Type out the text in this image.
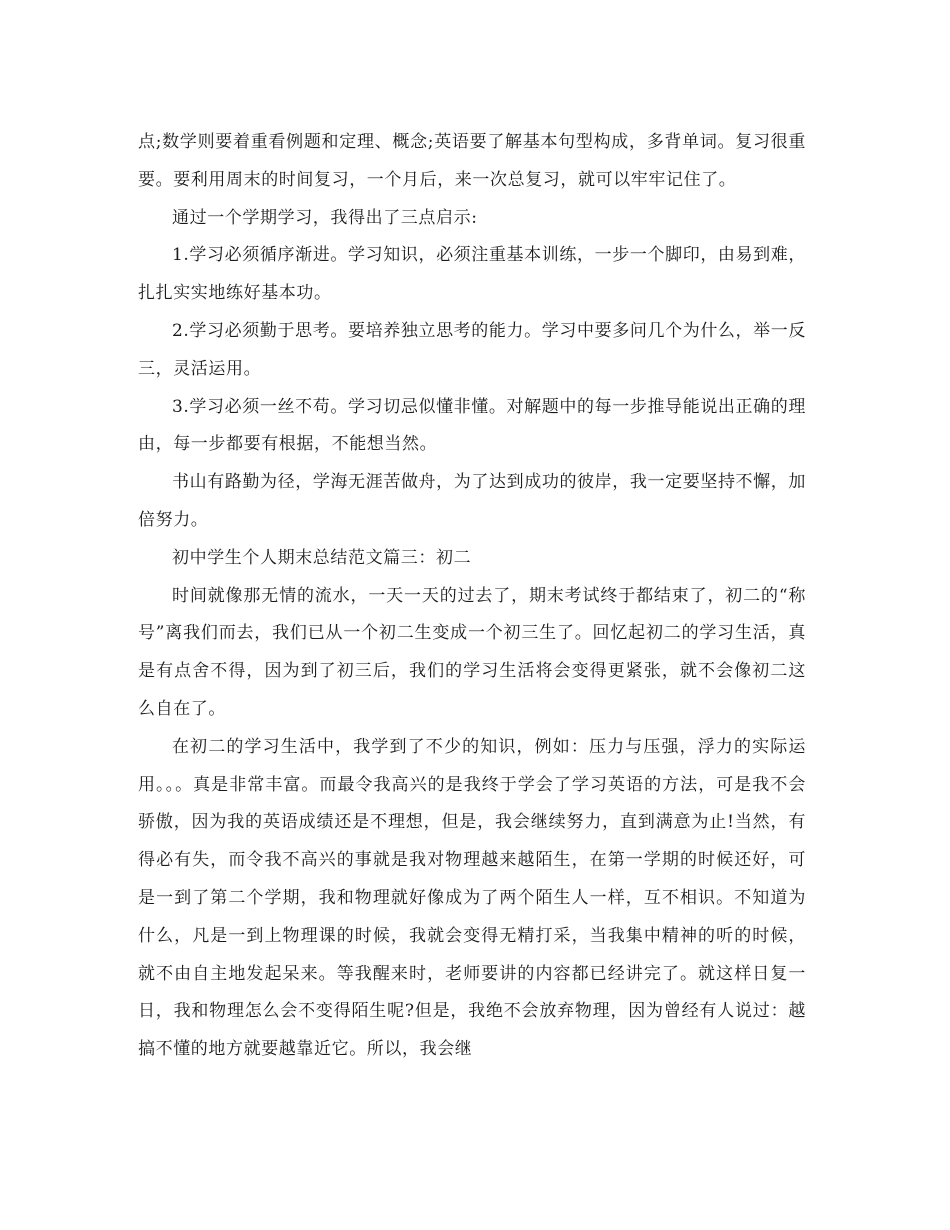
点;数学则要着重看例题和定理、概念;英语要了解基本句型构成，多背单词。复习很重要。要利用周末的时间复习，一个月后，来一次总复习，就可以牢牢记住了。

通过一个学期学习，我得出了三点启示:

1.学习必须循序渐进。学习知识，必须注重基本训练，一步一个脚印，由易到难，扎扎实实地练好基本功。

2.学习必须勤于思考。要培养独立思考的能力。学习中要多问几个为什么，举一反三，灵活运用。

3.学习必须一丝不苟。学习切忌似懂非懂。对解题中的每一步推导能说出正确的理由，每一步都要有根据，不能想当然。

书山有路勤为径，学海无涯苦做舟，为了达到成功的彼岸，我一定要坚持不懈，加倍努力。

初中学生个人期末总结范文篇三：初二

时间就像那无情的流水，一天一天的过去了，期末考试终于都结束了，初二的“称号”离我们而去，我们已从一个初二生变成一个初三生了。回忆起初二的学习生活，真是有点舍不得，因为到了初三后，我们的学习生活将会变得更紧张，就不会像初二这么自在了。

在初二的学习生活中，我学到了不少的知识，例如：压力与压强，浮力的实际运用。。。真是非常丰富。而最令我高兴的是我终于学会了学习英语的方法，可是我不会骄傲，因为我的英语成绩还是不理想，但是，我会继续努力，直到满意为止!当然，有得必有失，而令我不高兴的事就是我对物理越来越陌生，在第一学期的时候还好，可是一到了第二个学期，我和物理就好像成为了两个陌生人一样，互不相识。不知道为什么，凡是一到上物理课的时候，我就会变得无精打采，当我集中精神的听的时候，就不由自主地发起呆来。等我醒来时，老师要讲的内容都已经讲完了。就这样日复一日，我和物理怎么会不变得陌生呢?但是，我绝不会放弃物理，因为曾经有人说过：越搞不懂的地方就要越靠近它。所以，我会继
